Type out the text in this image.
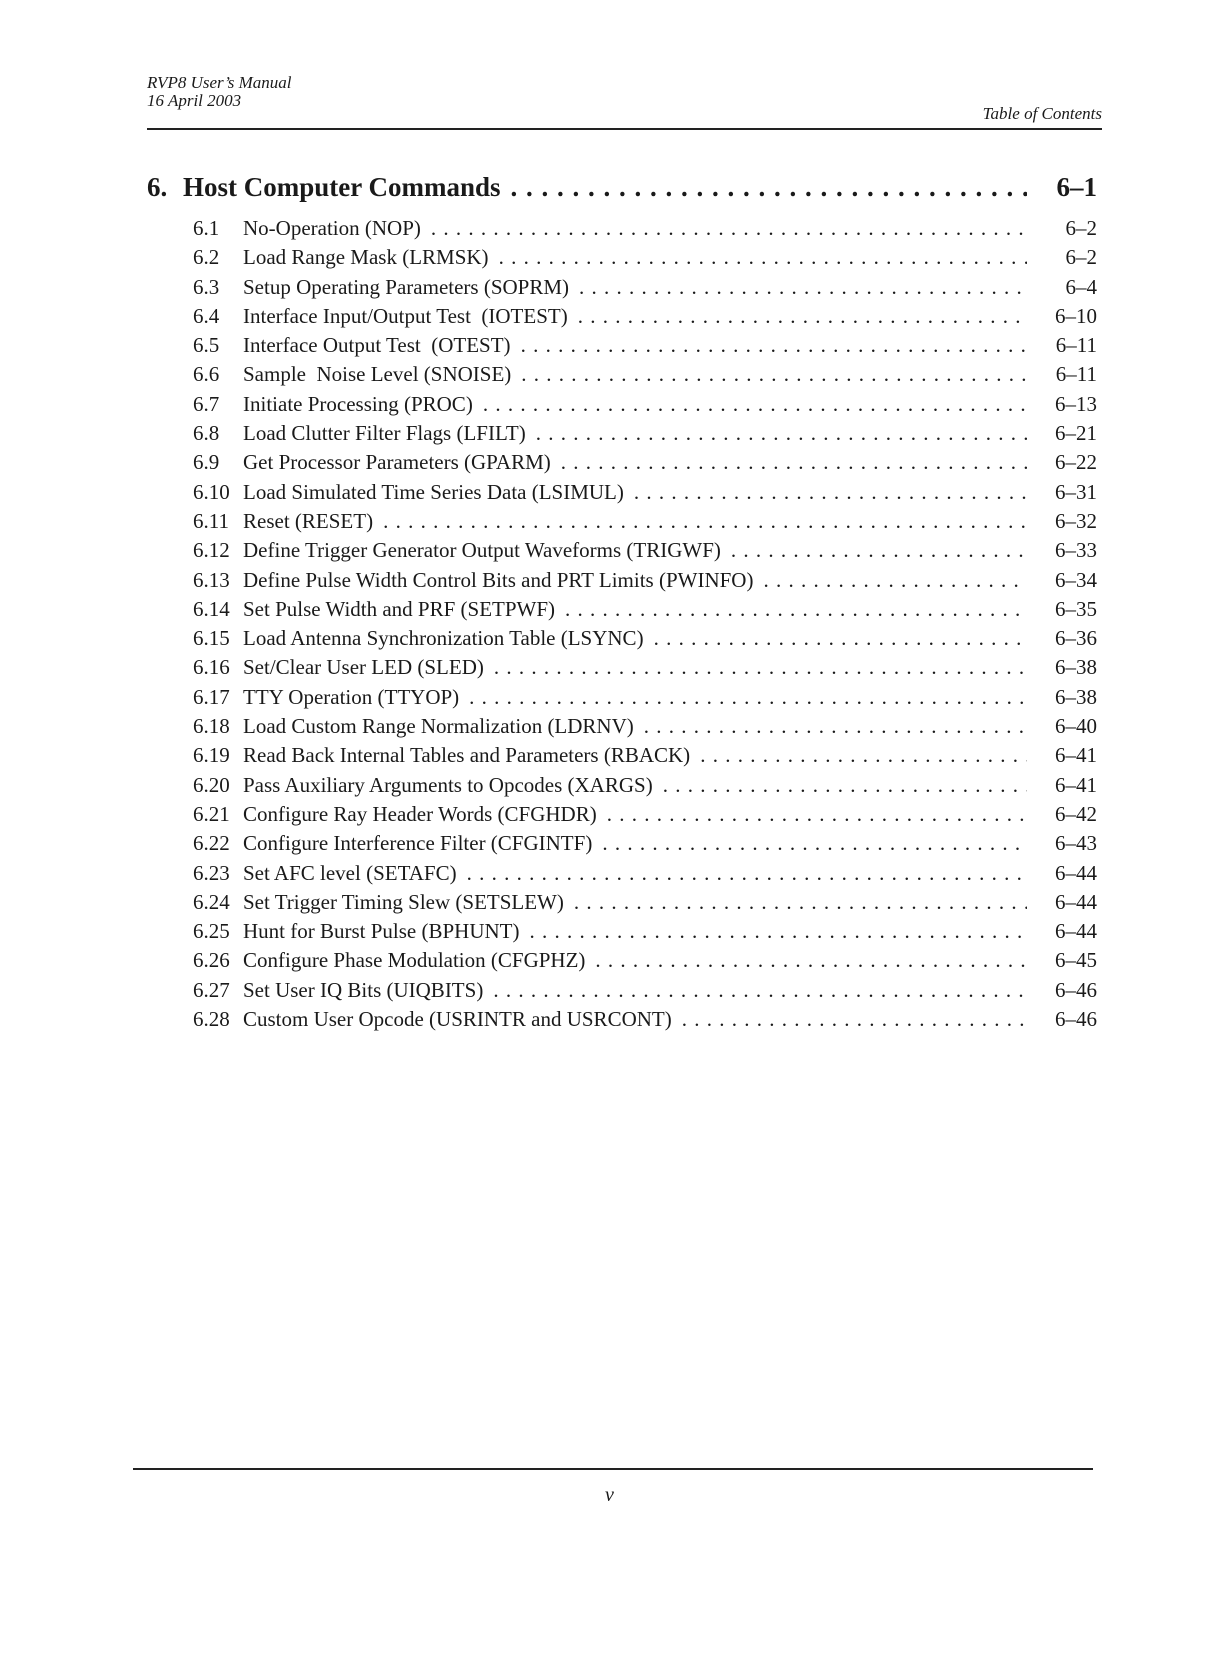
RVP8 User’s Manual
16 April 2003
Table of Contents
6. Host Computer Commands . . .	6–1
6.1	No-Operation (NOP) . . .	6–2
6.2	Load Range Mask (LRMSK) . . .	6–2
6.3	Setup Operating Parameters (SOPRM) . . .	6–4
6.4	Interface Input/Output Test  (IOTEST) . . .	6–10
6.5	Interface Output Test  (OTEST) . . .	6–11
6.6	Sample  Noise Level (SNOISE) . . .	6–11
6.7	Initiate Processing (PROC) . . .	6–13
6.8	Load Clutter Filter Flags (LFILT) . . .	6–21
6.9	Get Processor Parameters (GPARM) . . .	6–22
6.10 Load Simulated Time Series Data (LSIMUL) . . .	6–31
6.11 Reset (RESET) . . .	6–32
6.12 Define Trigger Generator Output Waveforms (TRIGWF) . . .	6–33
6.13 Define Pulse Width Control Bits and PRT Limits (PWINFO) . . .	6–34
6.14 Set Pulse Width and PRF (SETPWF) . . .	6–35
6.15 Load Antenna Synchronization Table (LSYNC) . . .	6–36
6.16 Set/Clear User LED (SLED) . . .	6–38
6.17 TTY Operation (TTYOP) . . .	6–38
6.18 Load Custom Range Normalization (LDRNV) . . .	6–40
6.19 Read Back Internal Tables and Parameters (RBACK) . . .	6–41
6.20 Pass Auxiliary Arguments to Opcodes (XARGS) . . .	6–41
6.21 Configure Ray Header Words (CFGHDR) . . .	6–42
6.22 Configure Interference Filter (CFGINTF) . . .	6–43
6.23 Set AFC level (SETAFC) . . .	6–44
6.24 Set Trigger Timing Slew (SETSLEW) . . .	6–44
6.25 Hunt for Burst Pulse (BPHUNT) . . .	6–44
6.26 Configure Phase Modulation (CFGPHZ) . . .	6–45
6.27 Set User IQ Bits (UIQBITS) . . .	6–46
6.28 Custom User Opcode (USRINTR and USRCONT) . . .	6–46
v
